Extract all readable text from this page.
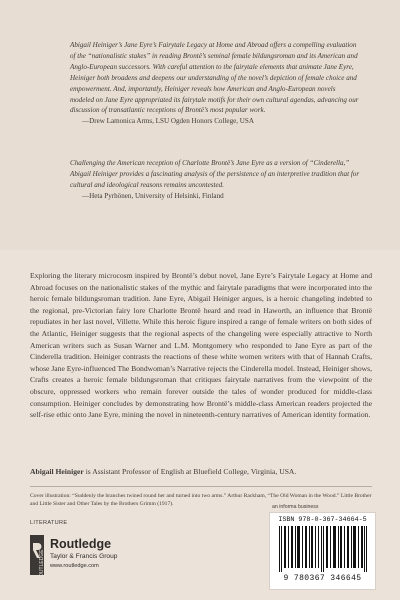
Abigail Heiniger’s Jane Eyre’s Fairytale Legacy at Home and Abroad offers a compelling evaluation of the “nationalistic stakes” in reading Brontë’s seminal female bildungsroman and its American and Anglo-European successors. With careful attention to the fairytale elements that animate Jane Eyre, Heiniger both broadens and deepens our understanding of the novel’s depiction of female choice and empowerment. And, importantly, Heiniger reveals how American and Anglo-European novels modeled on Jane Eyre appropriated its fairytale motifs for their own cultural agendas, advancing our discussion of transatlantic receptions of Brontë’s most popular work.
—Drew Lamonica Arms, LSU Ogden Honors College, USA
Challenging the American reception of Charlotte Brontë’s Jane Eyre as a version of “Cinderella,” Abigail Heiniger provides a fascinating analysis of the persistence of an interpretive tradition that for cultural and ideological reasons remains uncontested.
—Heta Pyrhönen, University of Helsinki, Finland
Exploring the literary microcosm inspired by Brontë’s debut novel, Jane Eyre’s Fairytale Legacy at Home and Abroad focuses on the nationalistic stakes of the mythic and fairytale paradigms that were incorporated into the heroic female bildungsroman tradition. Jane Eyre, Abigail Heiniger argues, is a heroic changeling indebted to the regional, pre-Victorian fairy lore Charlotte Brontë heard and read in Haworth, an influence that Brontë repudiates in her last novel, Villette. While this heroic figure inspired a range of female writers on both sides of the Atlantic, Heiniger suggests that the regional aspects of the changeling were especially attractive to North American writers such as Susan Warner and L.M. Montgomery who responded to Jane Eyre as part of the Cinderella tradition. Heiniger contrasts the reactions of these white women writers with that of Hannah Crafts, whose Jane Eyre-influenced The Bondwoman’s Narrative rejects the Cinderella model. Instead, Heiniger shows, Crafts creates a heroic female bildungsroman that critiques fairytale narratives from the viewpoint of the obscure, oppressed workers who remain forever outside the tales of wonder produced for middle-class consumption. Heiniger concludes by demonstrating how Brontë’s middle-class American readers projected the self-rise ethic onto Jane Eyre, mining the novel in nineteenth-century narratives of American identity formation.
Abigail Heiniger is Assistant Professor of English at Bluefield College, Virginia, USA.
Cover illustration: “Suddenly the branches twined round her and turned into two arms.” Arthur Rackham, “The Old Woman in the Wood.” Little Brother and Little Sister and Other Tales by the Brothers Grimm (1917).
LITERATURE
ROUTLEDGE
Routledge
Taylor & Francis Group
www.routledge.com
an informa business
ISBN 978-0-367-34664-5
9 780367 346645
